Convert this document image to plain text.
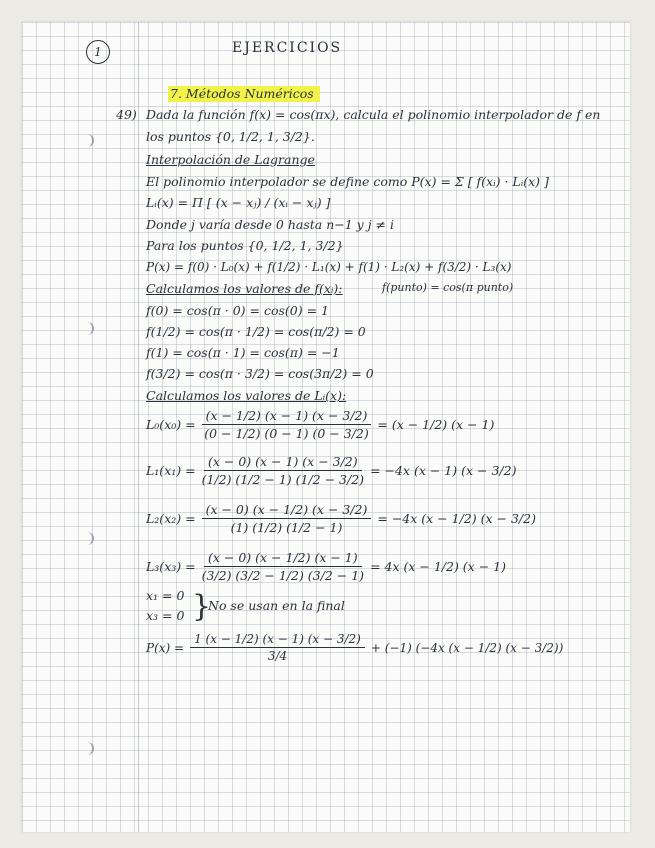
1	EJERCICIOS
7. Métodos Numéricos
49) Dada la función f(x) = cos(πx), calcula el polinomio interpolador de f en
los puntos {0, 1/2, 1, 3/2}.
Interpolación de Lagrange
El polinomio interpolador se define como P(x) = Σ [ f(xᵢ) · Lᵢ(x) ]
Lᵢ(x) = Π [ (x − xⱼ) / (xᵢ − xⱼ) ]
Donde j varía desde 0 hasta n−1 y j ≠ i
Para los puntos {0, 1/2, 1, 3/2}
P(x) = f(0) · L₀(x) + f(1/2) · L₁(x) + f(1) · L₂(x) + f(3/2) · L₃(x)
Calculamos los valores de f(xᵢ):	f(punto) = cos(π punto)
f(0) = cos(π · 0) = cos(0) = 1
f(1/2) = cos(π · 1/2) = cos(π/2) = 0
f(1) = cos(π · 1) = cos(π) = −1
f(3/2) = cos(π · 3/2) = cos(3π/2) = 0
Calculamos los valores de Lᵢ(x):
$L_0(x_0) = \frac{(x - 1/2) (x - 1) (x - 3/2)}{(0 - 1/2) (0 - 1) (0 - 3/2)} = (x - 1/2) (x - 1)$
$L_1(x_1) = \frac{(x - 0) (x - 1) (x - 3/2)}{(1/2) (1/2 - 1) (1/2 - 3/2)} = -4x$ (x − 1) (x − 3/2)
$L_2(x_2) = \frac{(x - 0) (x - 1/2) (x - 3/2)}{(1) (1/2) (1/2 - 1)} = -4x$ (x − 1/2) (x − 3/2)
$L_3(x_3) = \frac{(x - 0) (x - 1/2) (x - 1)}{(3/2) (3/2 - 1/2) (3/2 - 1)} = 4x$ (x − 1/2) (x − 1)
x₁ = 0
x₃ = 0 }
No se usan en la final
$P(x) = \frac{1 (x - 1/2) (x - 1) (x - 3/2)}{3/4} + (-1)$ (−4x (x − 1/2) (x − 3/2))
